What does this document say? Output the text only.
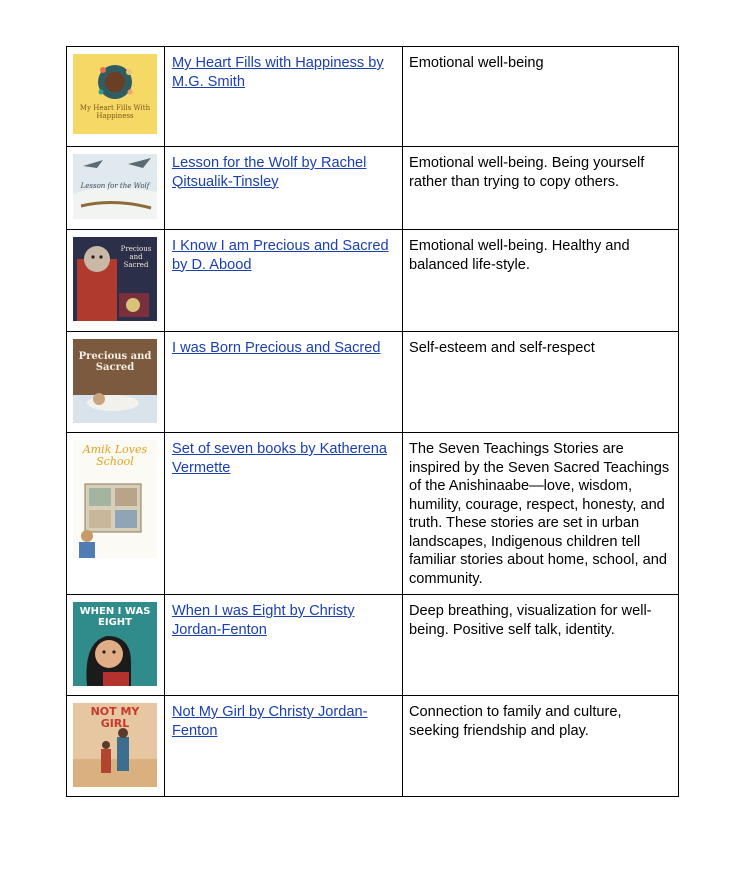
My Heart Fills With Happiness	My Heart Fills with Happiness by M.G. Smith	Emotional well-being

Lesson for the Wolf	Lesson for the Wolf by Rachel Qitsualik-Tinsley	Emotional well-being. Being yourself rather than trying to copy others.

Precious and Sacred	I Know I am Precious and Sacred by D. Abood	Emotional well-being. Healthy and balanced life-style.

Precious and Sacred	I was Born Precious and Sacred	Self-esteem and self-respect

Amik Loves School	Set of seven books by Katherena Vermette	The Seven Teachings Stories are inspired by the Seven Sacred Teachings of the Anishinaabe—love, wisdom, humility, courage, respect, honesty, and truth. These stories are set in urban landscapes, Indigenous children tell familiar stories about home, school, and community.

WHEN I WAS EIGHT	When I was Eight by Christy Jordan-Fenton	Deep breathing, visualization for well-being. Positive self talk, identity.

NOT MY GIRL	Not My Girl by Christy Jordan-Fenton	Connection to family and culture, seeking friendship and play.
